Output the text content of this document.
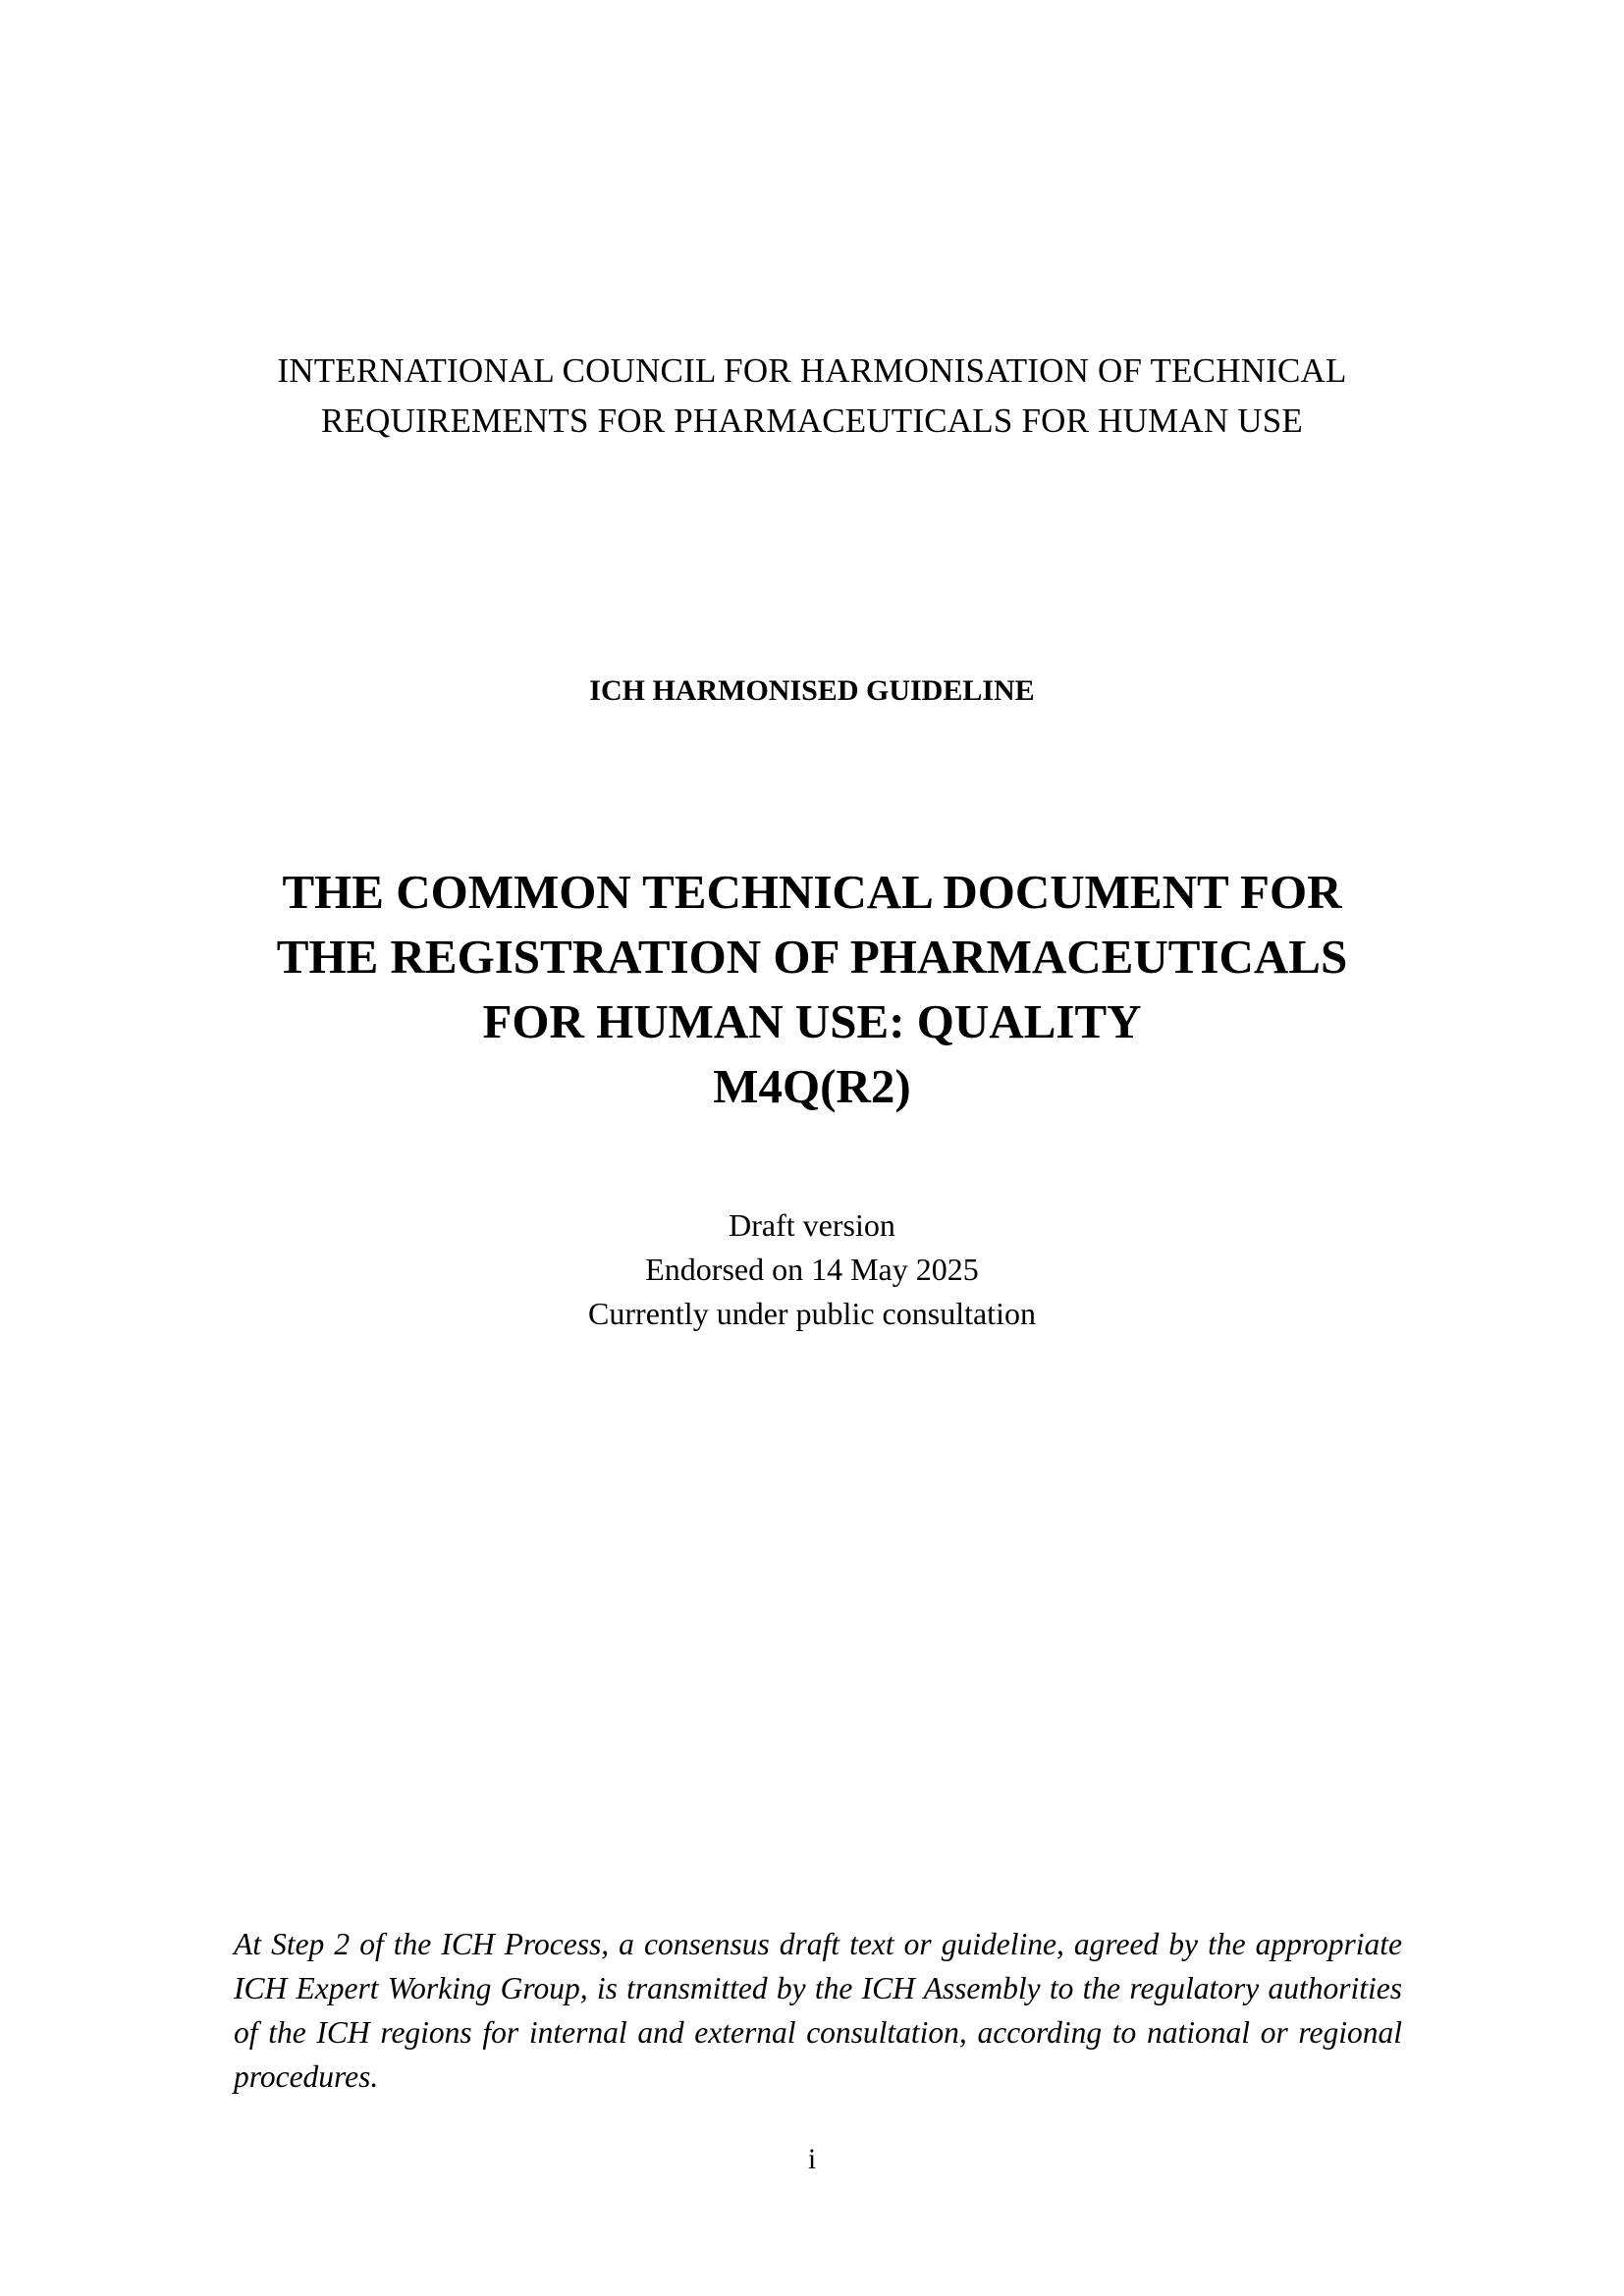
INTERNATIONAL COUNCIL FOR HARMONISATION OF TECHNICAL
REQUIREMENTS FOR PHARMACEUTICALS FOR HUMAN USE
ICH HARMONISED GUIDELINE
THE COMMON TECHNICAL DOCUMENT FOR
THE REGISTRATION OF PHARMACEUTICALS
FOR HUMAN USE: QUALITY
M4Q(R2)
Draft version
Endorsed on 14 May 2025
Currently under public consultation
At Step 2 of the ICH Process, a consensus draft text or guideline, agreed by the appropriate ICH Expert Working Group, is transmitted by the ICH Assembly to the regulatory authorities of the ICH regions for internal and external consultation, according to national or regional procedures.
i
